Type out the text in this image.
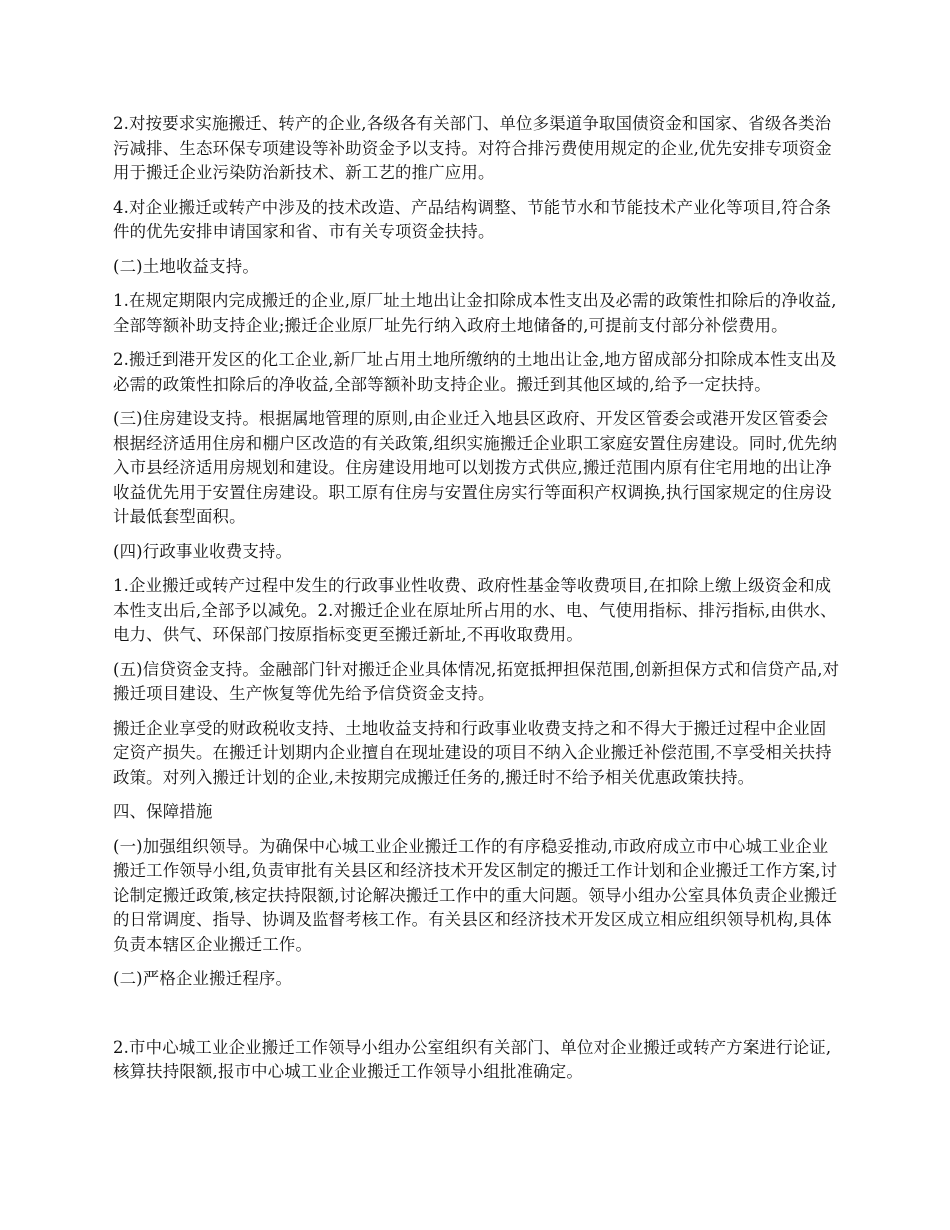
2.对按要求实施搬迁、转产的企业,各级各有关部门、单位多渠道争取国债资金和国家、省级各类治污减排、生态环保专项建设等补助资金予以支持。对符合排污费使用规定的企业,优先安排专项资金用于搬迁企业污染防治新技术、新工艺的推广应用。

4.对企业搬迁或转产中涉及的技术改造、产品结构调整、节能节水和节能技术产业化等项目,符合条件的优先安排申请国家和省、市有关专项资金扶持。

(二)土地收益支持。

1.在规定期限内完成搬迁的企业,原厂址土地出让金扣除成本性支出及必需的政策性扣除后的净收益,全部等额补助支持企业;搬迁企业原厂址先行纳入政府土地储备的,可提前支付部分补偿费用。

2.搬迁到港开发区的化工企业,新厂址占用土地所缴纳的土地出让金,地方留成部分扣除成本性支出及必需的政策性扣除后的净收益,全部等额补助支持企业。搬迁到其他区域的,给予一定扶持。

(三)住房建设支持。根据属地管理的原则,由企业迁入地县区政府、开发区管委会或港开发区管委会根据经济适用住房和棚户区改造的有关政策,组织实施搬迁企业职工家庭安置住房建设。同时,优先纳入市县经济适用房规划和建设。住房建设用地可以划拨方式供应,搬迁范围内原有住宅用地的出让净收益优先用于安置住房建设。职工原有住房与安置住房实行等面积产权调换,执行国家规定的住房设计最低套型面积。

(四)行政事业收费支持。

1.企业搬迁或转产过程中发生的行政事业性收费、政府性基金等收费项目,在扣除上缴上级资金和成本性支出后,全部予以减免。2.对搬迁企业在原址所占用的水、电、气使用指标、排污指标,由供水、电力、供气、环保部门按原指标变更至搬迁新址,不再收取费用。

(五)信贷资金支持。金融部门针对搬迁企业具体情况,拓宽抵押担保范围,创新担保方式和信贷产品,对搬迁项目建设、生产恢复等优先给予信贷资金支持。

搬迁企业享受的财政税收支持、土地收益支持和行政事业收费支持之和不得大于搬迁过程中企业固定资产损失。在搬迁计划期内企业擅自在现址建设的项目不纳入企业搬迁补偿范围,不享受相关扶持政策。对列入搬迁计划的企业,未按期完成搬迁任务的,搬迁时不给予相关优惠政策扶持。

四、保障措施

(一)加强组织领导。为确保中心城工业企业搬迁工作的有序稳妥推动,市政府成立市中心城工业企业搬迁工作领导小组,负责审批有关县区和经济技术开发区制定的搬迁工作计划和企业搬迁工作方案,讨论制定搬迁政策,核定扶持限额,讨论解决搬迁工作中的重大问题。领导小组办公室具体负责企业搬迁的日常调度、指导、协调及监督考核工作。有关县区和经济技术开发区成立相应组织领导机构,具体负责本辖区企业搬迁工作。

(二)严格企业搬迁程序。

2.市中心城工业企业搬迁工作领导小组办公室组织有关部门、单位对企业搬迁或转产方案进行论证,核算扶持限额,报市中心城工业企业搬迁工作领导小组批准确定。
